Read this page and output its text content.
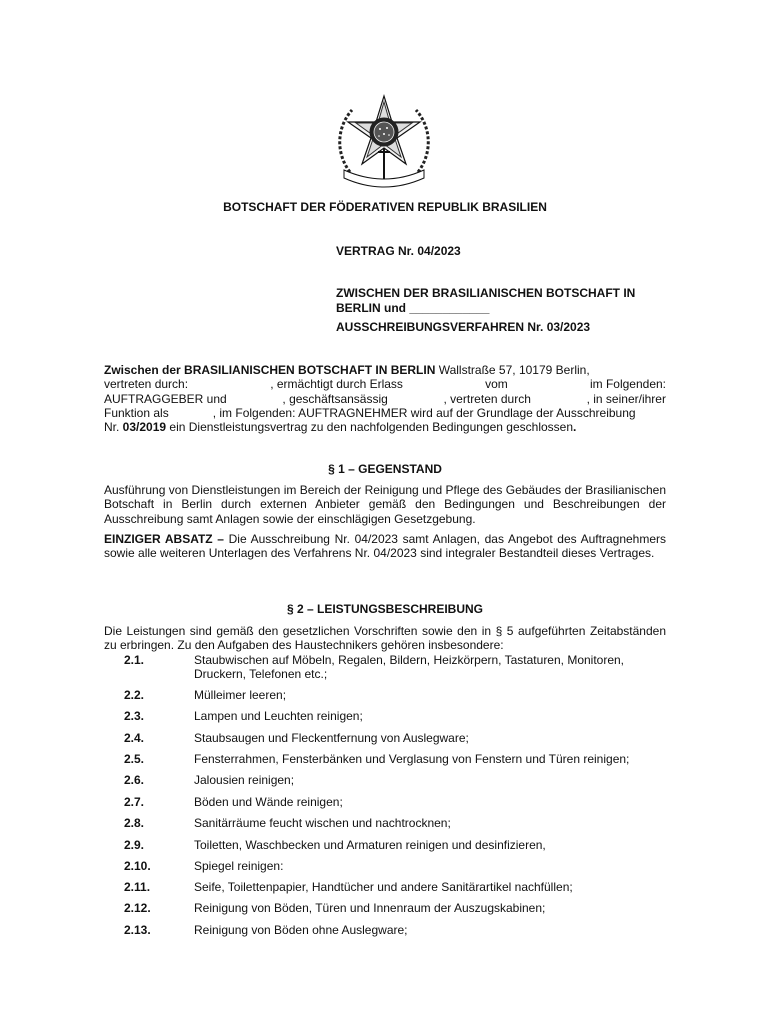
BOTSCHAFT DER FÖDERATIVEN REPUBLIK BRASILIEN
VERTRAG Nr. 04/2023
ZWISCHEN DER BRASILIANISCHEN BOTSCHAFT IN
BERLIN und ____________
AUSSCHREIBUNGSVERFAHREN Nr. 03/2023
Zwischen der BRASILIANISCHEN BOTSCHAFT IN BERLIN Wallstraße 57, 10179 Berlin,
vertreten durch:	, ermächtigt durch Erlass	vom	im Folgenden:
AUFTRAGGEBER und	, geschäftsansässig	, vertreten durch	, in seiner/ihrer
Funktion als	, im Folgenden: AUFTRAGNEHMER wird auf der Grundlage der Ausschreibung
Nr. 03/2019 ein Dienstleistungsvertrag zu den nachfolgenden Bedingungen geschlossen.
§ 1 – GEGENSTAND
Ausführung von Dienstleistungen im Bereich der Reinigung und Pflege des Gebäudes der Brasilianischen Botschaft in Berlin durch externen Anbieter gemäß den Bedingungen und Beschreibungen der Ausschreibung samt Anlagen sowie der einschlägigen Gesetzgebung.
EINZIGER ABSATZ – Die Ausschreibung Nr. 04/2023 samt Anlagen, das Angebot des Auftragnehmers sowie alle weiteren Unterlagen des Verfahrens Nr. 04/2023 sind integraler Bestandteil dieses Vertrages.
§ 2 – LEISTUNGSBESCHREIBUNG
Die Leistungen sind gemäß den gesetzlichen Vorschriften sowie den in § 5 aufgeführten Zeitabständen zu erbringen. Zu den Aufgaben des Haustechnikers gehören insbesondere:
2.1.	Staubwischen auf Möbeln, Regalen, Bildern, Heizkörpern, Tastaturen, Monitoren, Druckern, Telefonen etc.;
2.2.	Mülleimer leeren;
2.3.	Lampen und Leuchten reinigen;
2.4.	Staubsaugen und Fleckentfernung von Auslegware;
2.5.	Fensterrahmen, Fensterbänken und Verglasung von Fenstern und Türen reinigen;
2.6.	Jalousien reinigen;
2.7.	Böden und Wände reinigen;
2.8.	Sanitärräume feucht wischen und nachtrocknen;
2.9.	Toiletten, Waschbecken und Armaturen reinigen und desinfizieren,
2.10.	Spiegel reinigen:
2.11.	Seife, Toilettenpapier, Handtücher und andere Sanitärartikel nachfüllen;
2.12.	Reinigung von Böden, Türen und Innenraum der Auszugskabinen;
2.13.	Reinigung von Böden ohne Auslegware;
